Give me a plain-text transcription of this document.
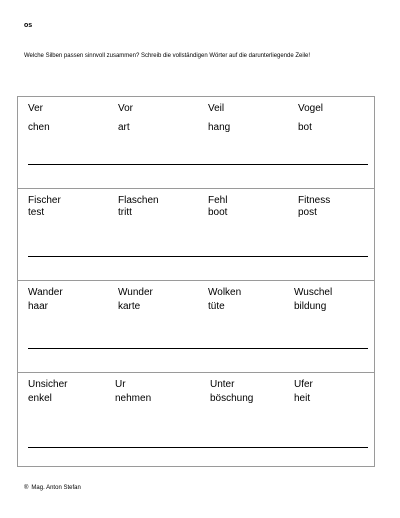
os
Welche Silben passen sinnvoll zusammen? Schreib die vollständigen Wörter auf die darunterliegende Zeile!
Ver	Vor	Veil	Vogel
chen	art	hang	bot
Fischer	Flaschen	Fehl	Fitness
test	tritt	boot	post
Wander	Wunder	Wolken	Wuschel
haar	karte	tüte	bildung
Unsicher	Ur	Unter	Ufer
enkel	nehmen	böschung	heit
® Mag. Anton Stefan
